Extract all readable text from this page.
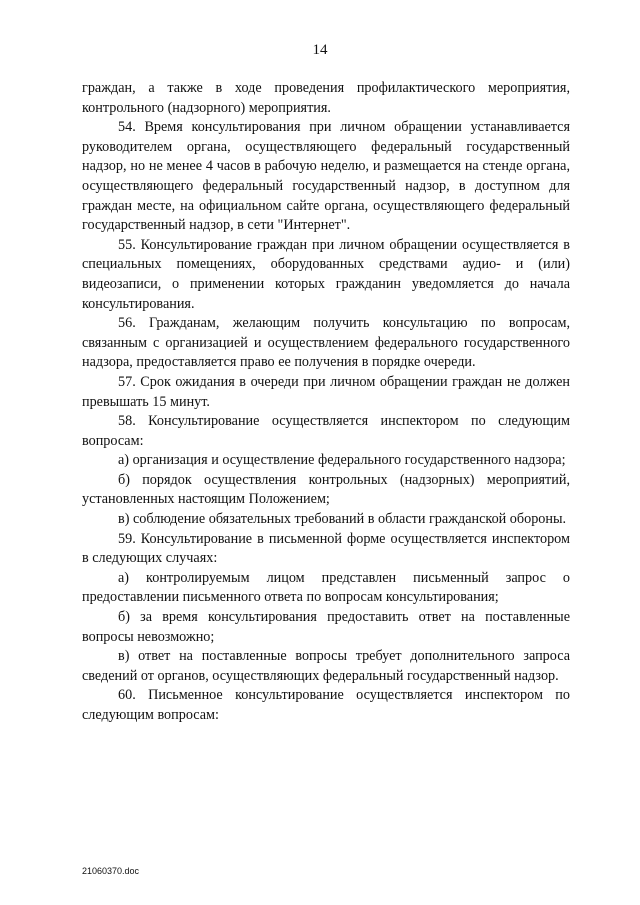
14

граждан, а также в ходе проведения профилактического мероприятия, контрольного (надзорного) мероприятия.

54. Время консультирования при личном обращении устанавливается руководителем органа, осуществляющего федеральный государственный надзор, но не менее 4 часов в рабочую неделю, и размещается на стенде органа, осуществляющего федеральный государственный надзор, в доступном для граждан месте, на официальном сайте органа, осуществляющего федеральный государственный надзор, в сети "Интернет".

55. Консультирование граждан при личном обращении осуществляется в специальных помещениях, оборудованных средствами аудио- и (или) видеозаписи, о применении которых гражданин уведомляется до начала консультирования.

56. Гражданам, желающим получить консультацию по вопросам, связанным с организацией и осуществлением федерального государственного надзора, предоставляется право ее получения в порядке очереди.

57. Срок ожидания в очереди при личном обращении граждан не должен превышать 15 минут.

58. Консультирование осуществляется инспектором по следующим вопросам:

а) организация и осуществление федерального государственного надзора;

б) порядок осуществления контрольных (надзорных) мероприятий, установленных настоящим Положением;

в) соблюдение обязательных требований в области гражданской обороны.

59. Консультирование в письменной форме осуществляется инспектором в следующих случаях:

а) контролируемым лицом представлен письменный запрос о предоставлении письменного ответа по вопросам консультирования;

б) за время консультирования предоставить ответ на поставленные вопросы невозможно;

в) ответ на поставленные вопросы требует дополнительного запроса сведений от органов, осуществляющих федеральный государственный надзор.

60. Письменное консультирование осуществляется инспектором по следующим вопросам:

21060370.doc
